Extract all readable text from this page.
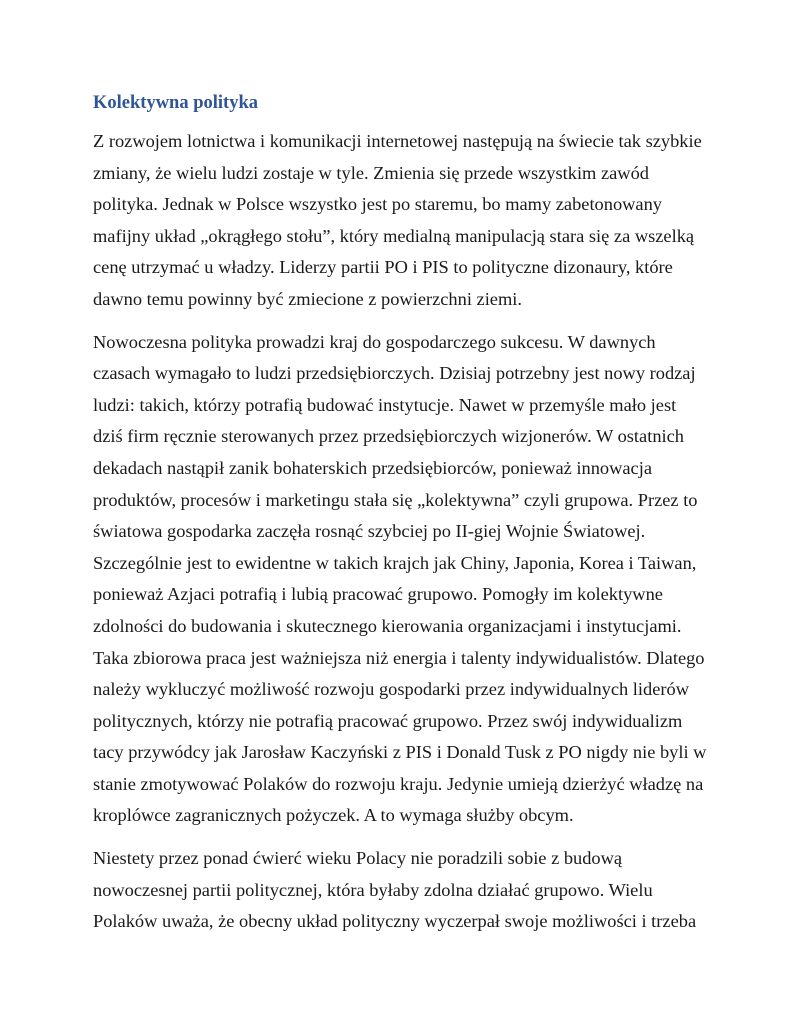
Kolektywna polityka

Z rozwojem lotnictwa i komunikacji internetowej następują na świecie tak szybkie
zmiany, że wielu ludzi zostaje w tyle. Zmienia się przede wszystkim zawód
polityka. Jednak w Polsce wszystko jest po staremu, bo mamy zabetonowany
mafijny układ „okrągłego stołu”, który medialną manipulacją stara się za wszelką
cenę utrzymać u władzy. Liderzy partii PO i PIS to polityczne dizonaury, które
dawno temu powinny być zmiecione z powierzchni ziemi.

Nowoczesna polityka prowadzi kraj do gospodarczego sukcesu. W dawnych
czasach wymagało to ludzi przedsiębiorczych. Dzisiaj potrzebny jest nowy rodzaj
ludzi: takich, którzy potrafią budować instytucje. Nawet w przemyśle mało jest
dziś firm ręcznie sterowanych przez przedsiębiorczych wizjonerów. W ostatnich
dekadach nastąpił zanik bohaterskich przedsiębiorców, ponieważ innowacja
produktów, procesów i marketingu stała się „kolektywna” czyli grupowa. Przez to
światowa gospodarka zaczęła rosnąć szybciej po II-giej Wojnie Światowej.
Szczególnie jest to ewidentne w takich krajch jak Chiny, Japonia, Korea i Taiwan,
ponieważ Azjaci potrafią i lubią pracować grupowo. Pomogły im kolektywne
zdolności do budowania i skutecznego kierowania organizacjami i instytucjami.
Taka zbiorowa praca jest ważniejsza niż energia i talenty indywidualistów. Dlatego
należy wykluczyć możliwość rozwoju gospodarki przez indywidualnych liderów
politycznych, którzy nie potrafią pracować grupowo. Przez swój indywidualizm
tacy przywódcy jak Jarosław Kaczyński z PIS i Donald Tusk z PO nigdy nie byli w
stanie zmotywować Polaków do rozwoju kraju. Jedynie umieją dzierżyć władzę na
kroplówce zagranicznych pożyczek. A to wymaga służby obcym.

Niestety przez ponad ćwierć wieku Polacy nie poradzili sobie z budową
nowoczesnej partii politycznej, która byłaby zdolna działać grupowo. Wielu
Polaków uważa, że obecny układ polityczny wyczerpał swoje możliwości i trzeba
